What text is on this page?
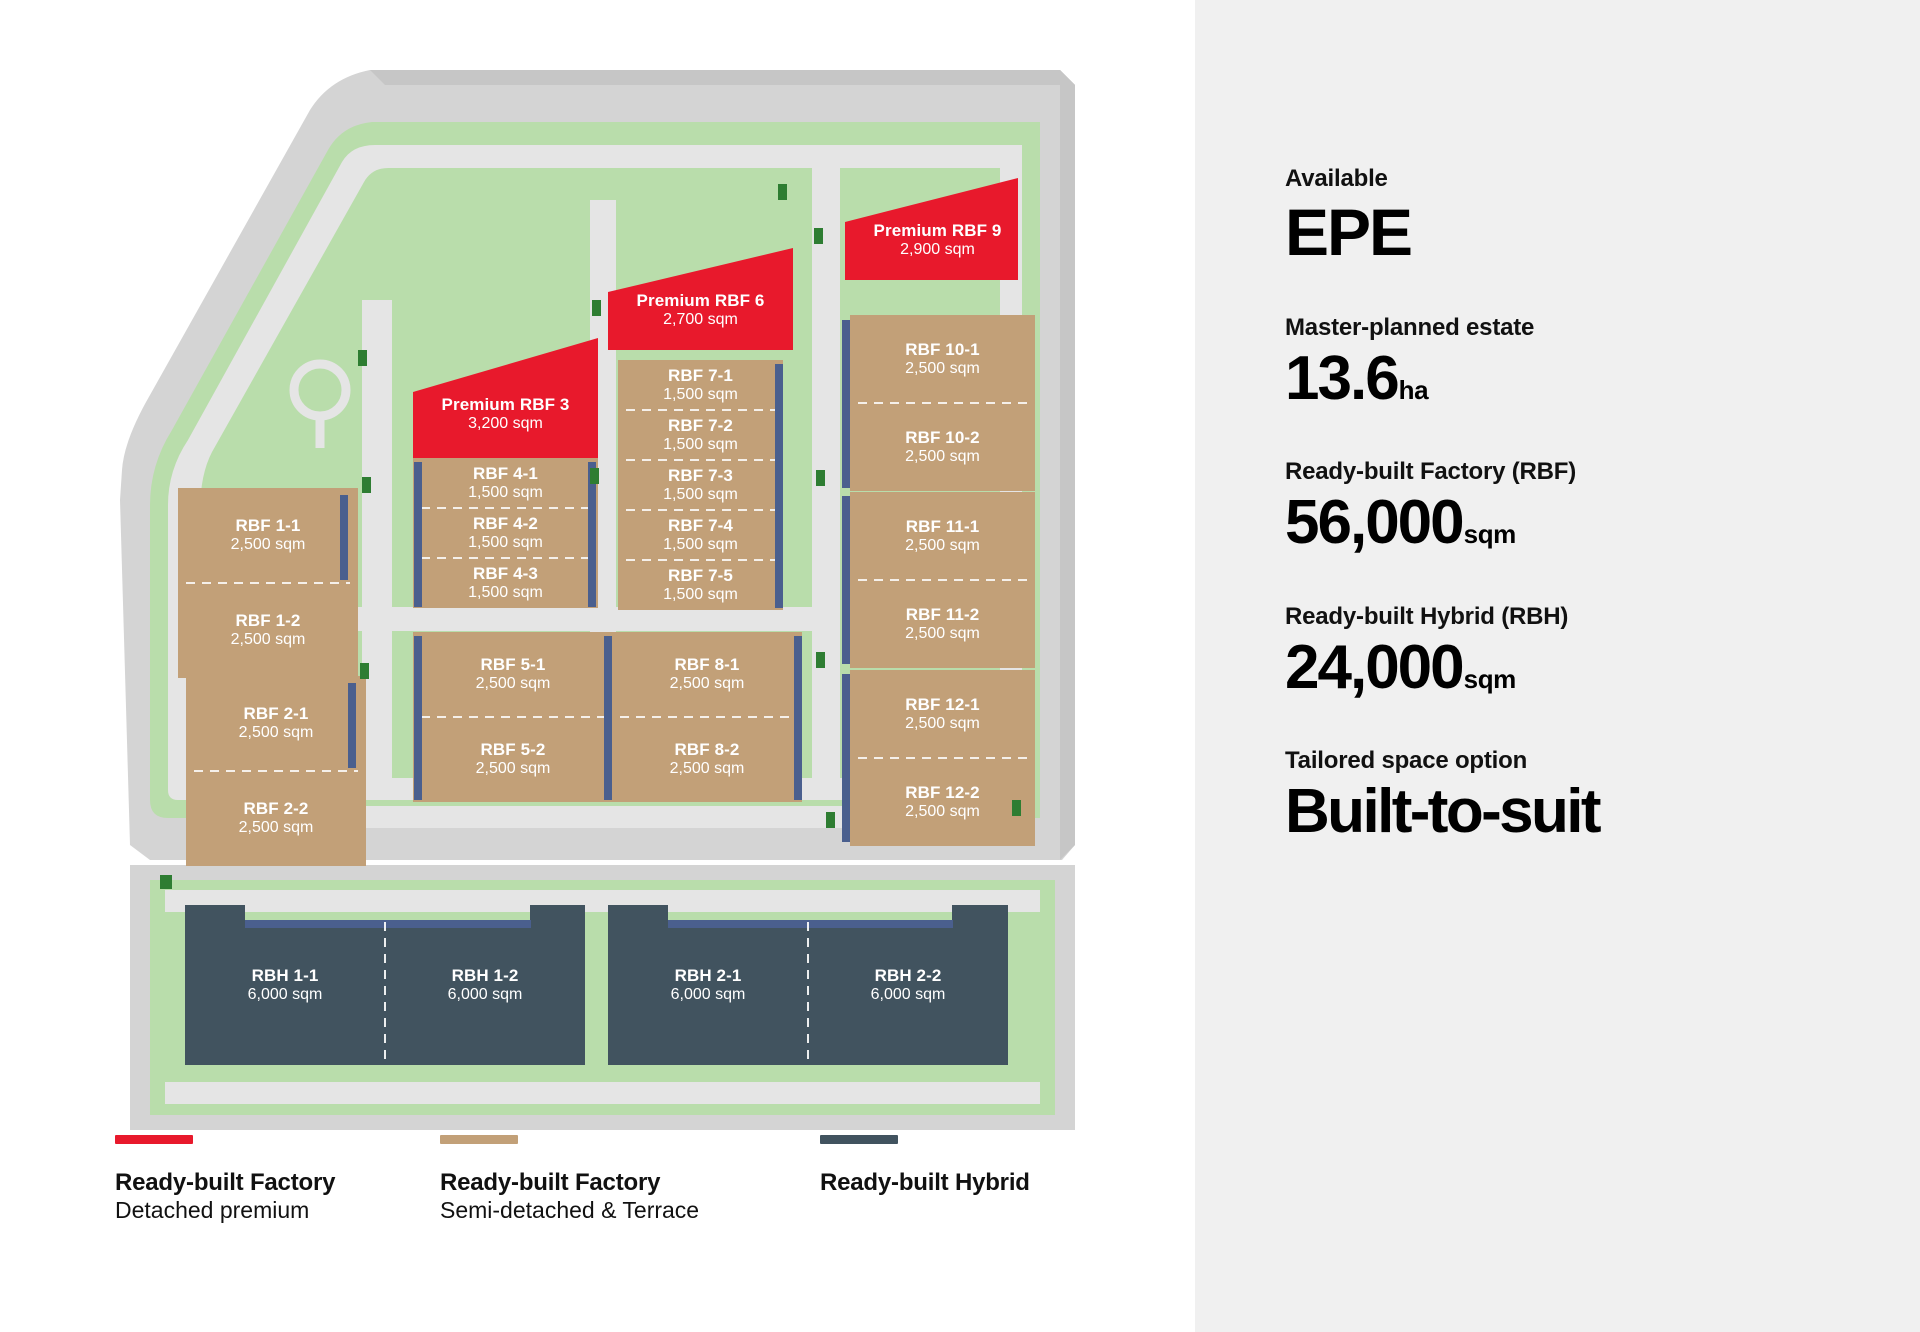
RBF 1-1
2,500 sqm
RBF 1-2
2,500 sqm
RBF 2-1
2,500 sqm
RBF 2-2
2,500 sqm
Premium RBF 3
3,200 sqm
RBF 4-1
1,500 sqm
RBF 4-2
1,500 sqm
RBF 4-3
1,500 sqm
RBF 5-1
2,500 sqm
RBF 5-2
2,500 sqm
Premium RBF 6
2,700 sqm
RBF 7-1
1,500 sqm
RBF 7-2
1,500 sqm
RBF 7-3
1,500 sqm
RBF 7-4
1,500 sqm
RBF 7-5
1,500 sqm
RBF 8-1
2,500 sqm
RBF 8-2
2,500 sqm
Premium RBF 9
2,900 sqm
RBF 10-1
2,500 sqm
RBF 10-2
2,500 sqm
RBF 11-1
2,500 sqm
RBF 11-2
2,500 sqm
RBF 12-1
2,500 sqm
RBF 12-2
2,500 sqm
RBH 1-1
6,000 sqm
RBH 1-2
6,000 sqm
RBH 2-1
6,000 sqm
RBH 2-2
6,000 sqm
Ready-built Factory
Detached premium
Ready-built Factory
Semi-detached & Terrace
Ready-built Hybrid
Available
EPE
Master-planned estate
13.6 ha
Ready-built Factory (RBF)
56,000 sqm
Ready-built Hybrid (RBH)
24,000 sqm
Tailored space option
Built-to-suit
